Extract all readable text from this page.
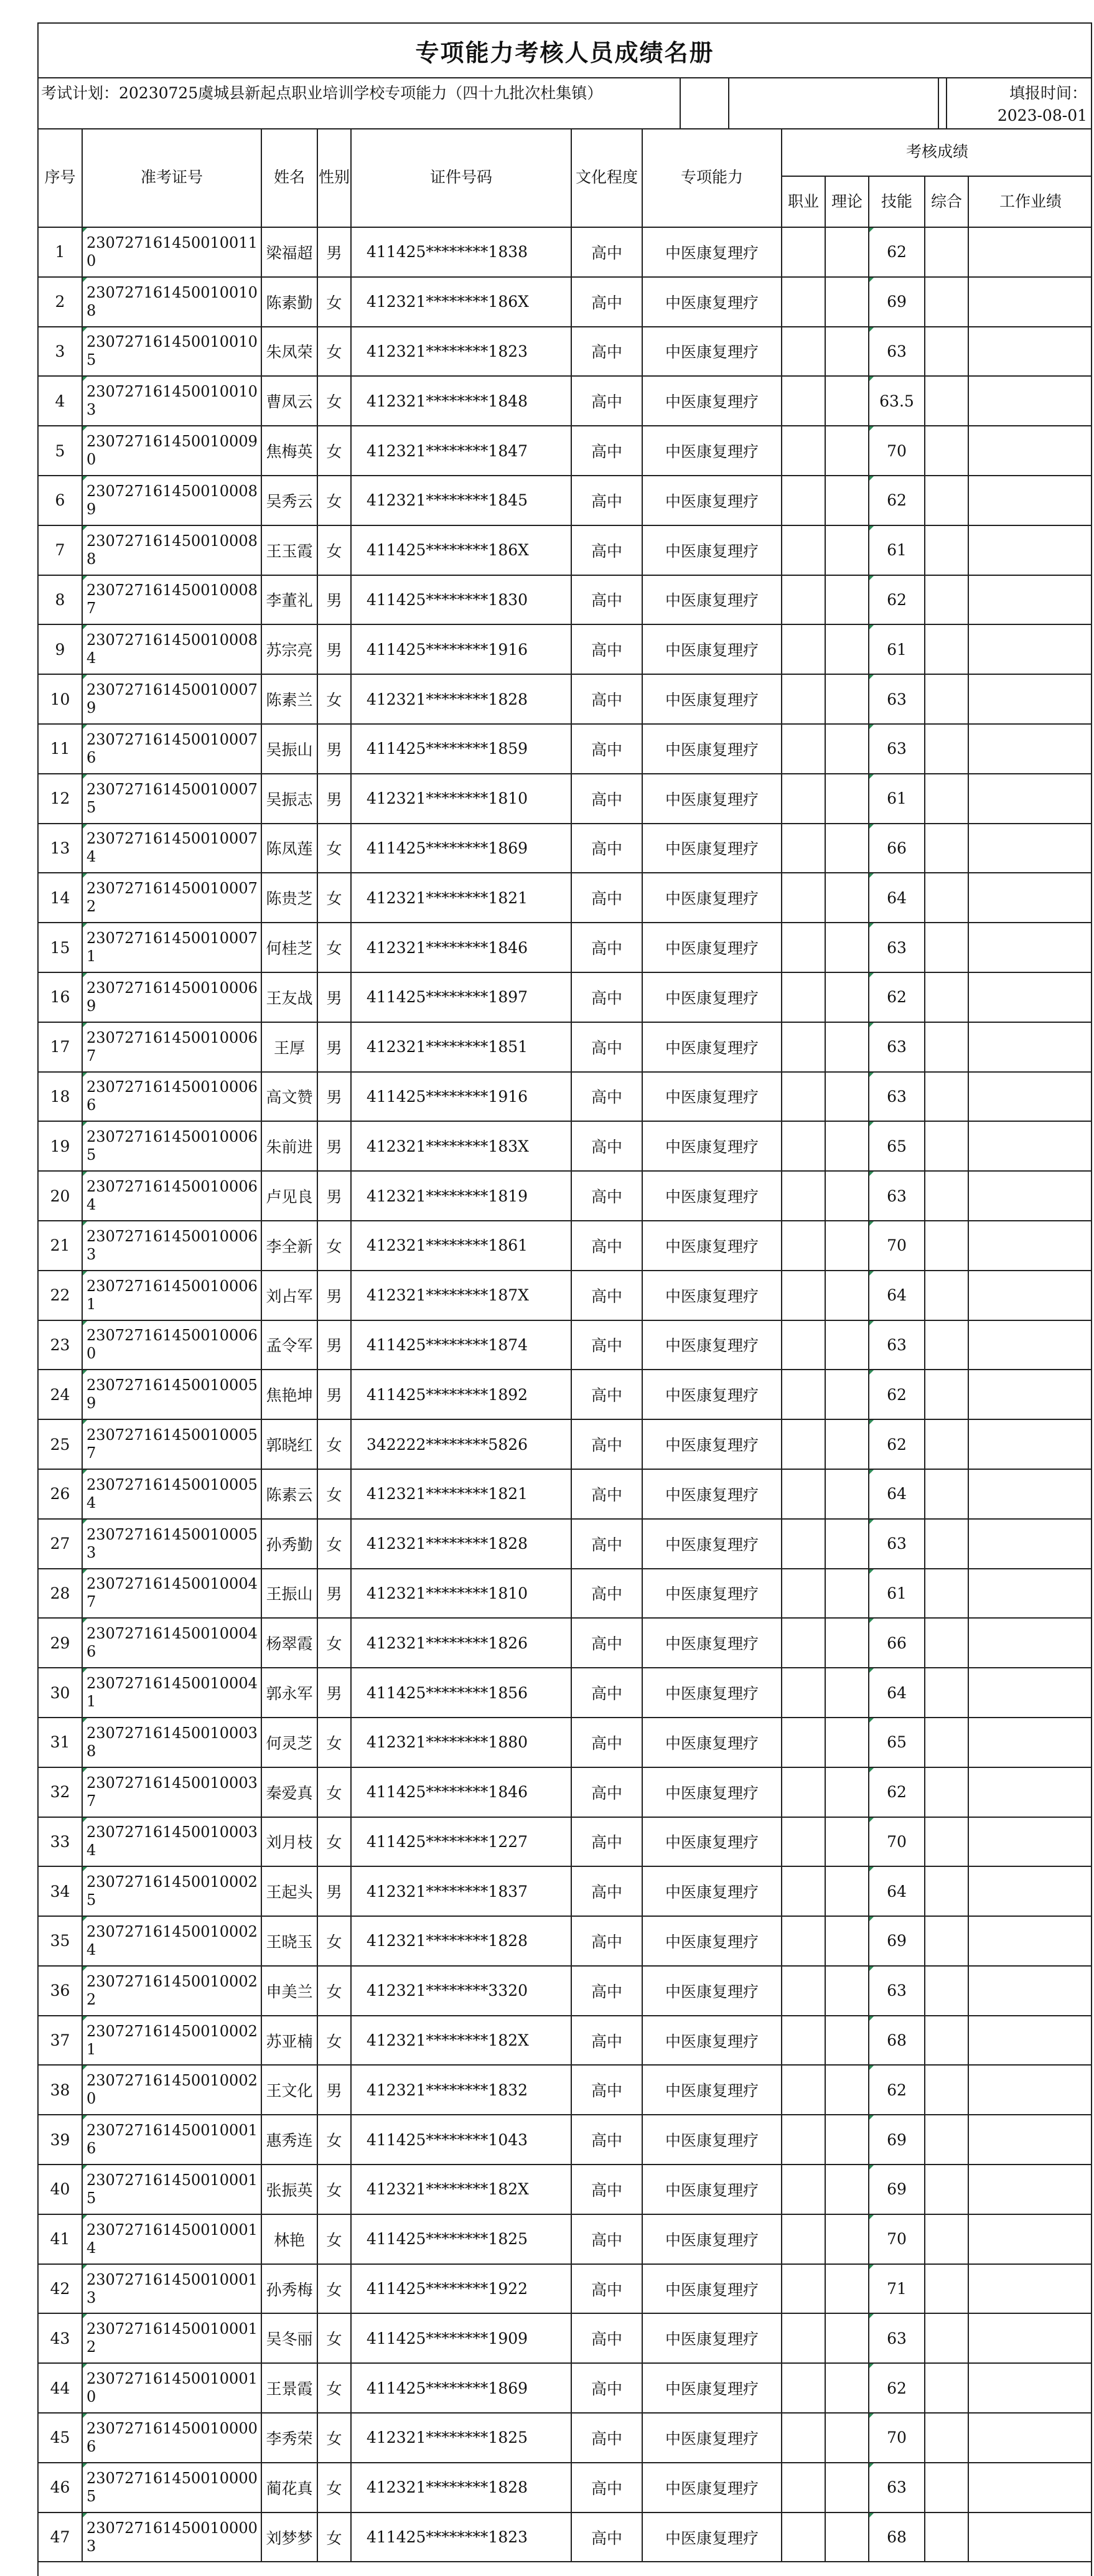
专项能力考核人员成绩名册
考试计划：20230725虞城县新起点职业培训学校专项能力（四十九批次杜集镇）	填报时间：
2023-08-01
序号	准考证号	姓名	性别	证件号码	文化程度	专项能力	考核成绩				
							职业	理论	技能	综合	工作业绩
1	2307271614500100110	梁福超	男	411425********1838	高中	中医康复理疗			62		
2	2307271614500100108	陈素勤	女	412321********186X	高中	中医康复理疗			69		
3	2307271614500100105	朱凤荣	女	412321********1823	高中	中医康复理疗			63		
4	2307271614500100103	曹凤云	女	412321********1848	高中	中医康复理疗			63.5		
5	2307271614500100090	焦梅英	女	412321********1847	高中	中医康复理疗			70		
6	2307271614500100089	吴秀云	女	412321********1845	高中	中医康复理疗			62		
7	2307271614500100088	王玉霞	女	411425********186X	高中	中医康复理疗			61		
8	2307271614500100087	李董礼	男	411425********1830	高中	中医康复理疗			62		
9	2307271614500100084	苏宗亮	男	411425********1916	高中	中医康复理疗			61		
10	2307271614500100079	陈素兰	女	412321********1828	高中	中医康复理疗			63		
11	2307271614500100076	吴振山	男	411425********1859	高中	中医康复理疗			63		
12	2307271614500100075	吴振志	男	412321********1810	高中	中医康复理疗			61		
13	2307271614500100074	陈凤莲	女	411425********1869	高中	中医康复理疗			66		
14	2307271614500100072	陈贵芝	女	412321********1821	高中	中医康复理疗			64		
15	2307271614500100071	何桂芝	女	412321********1846	高中	中医康复理疗			63		
16	2307271614500100069	王友战	男	411425********1897	高中	中医康复理疗			62		
17	2307271614500100067	王厚	男	412321********1851	高中	中医康复理疗			63		
18	2307271614500100066	高文赞	男	411425********1916	高中	中医康复理疗			63		
19	2307271614500100065	朱前进	男	412321********183X	高中	中医康复理疗			65		
20	2307271614500100064	卢见良	男	412321********1819	高中	中医康复理疗			63		
21	2307271614500100063	李全新	女	412321********1861	高中	中医康复理疗			70		
22	2307271614500100061	刘占军	男	412321********187X	高中	中医康复理疗			64		
23	2307271614500100060	孟令军	男	411425********1874	高中	中医康复理疗			63		
24	2307271614500100059	焦艳坤	男	411425********1892	高中	中医康复理疗			62		
25	2307271614500100057	郭晓红	女	342222********5826	高中	中医康复理疗			62		
26	2307271614500100054	陈素云	女	412321********1821	高中	中医康复理疗			64		
27	2307271614500100053	孙秀勤	女	412321********1828	高中	中医康复理疗			63		
28	2307271614500100047	王振山	男	412321********1810	高中	中医康复理疗			61		
29	2307271614500100046	杨翠霞	女	412321********1826	高中	中医康复理疗			66		
30	2307271614500100041	郭永军	男	411425********1856	高中	中医康复理疗			64		
31	2307271614500100038	何灵芝	女	412321********1880	高中	中医康复理疗			65		
32	2307271614500100037	秦爱真	女	411425********1846	高中	中医康复理疗			62		
33	2307271614500100034	刘月枝	女	411425********1227	高中	中医康复理疗			70		
34	2307271614500100025	王起头	男	412321********1837	高中	中医康复理疗			64		
35	2307271614500100024	王晓玉	女	412321********1828	高中	中医康复理疗			69		
36	2307271614500100022	申美兰	女	412321********3320	高中	中医康复理疗			63		
37	2307271614500100021	苏亚楠	女	412321********182X	高中	中医康复理疗			68		
38	2307271614500100020	王文化	男	412321********1832	高中	中医康复理疗			62		
39	2307271614500100016	惠秀连	女	411425********1043	高中	中医康复理疗			69		
40	2307271614500100015	张振英	女	412321********182X	高中	中医康复理疗			69		
41	2307271614500100014	林艳	女	411425********1825	高中	中医康复理疗			70		
42	2307271614500100013	孙秀梅	女	411425********1922	高中	中医康复理疗			71		
43	2307271614500100012	吴冬丽	女	411425********1909	高中	中医康复理疗			63		
44	2307271614500100010	王景霞	女	411425********1869	高中	中医康复理疗			62		
45	2307271614500100006	李秀荣	女	412321********1825	高中	中医康复理疗			70		
46	2307271614500100005	蔺花真	女	412321********1828	高中	中医康复理疗			63		
47	2307271614500100003	刘梦梦	女	411425********1823	高中	中医康复理疗			68		
